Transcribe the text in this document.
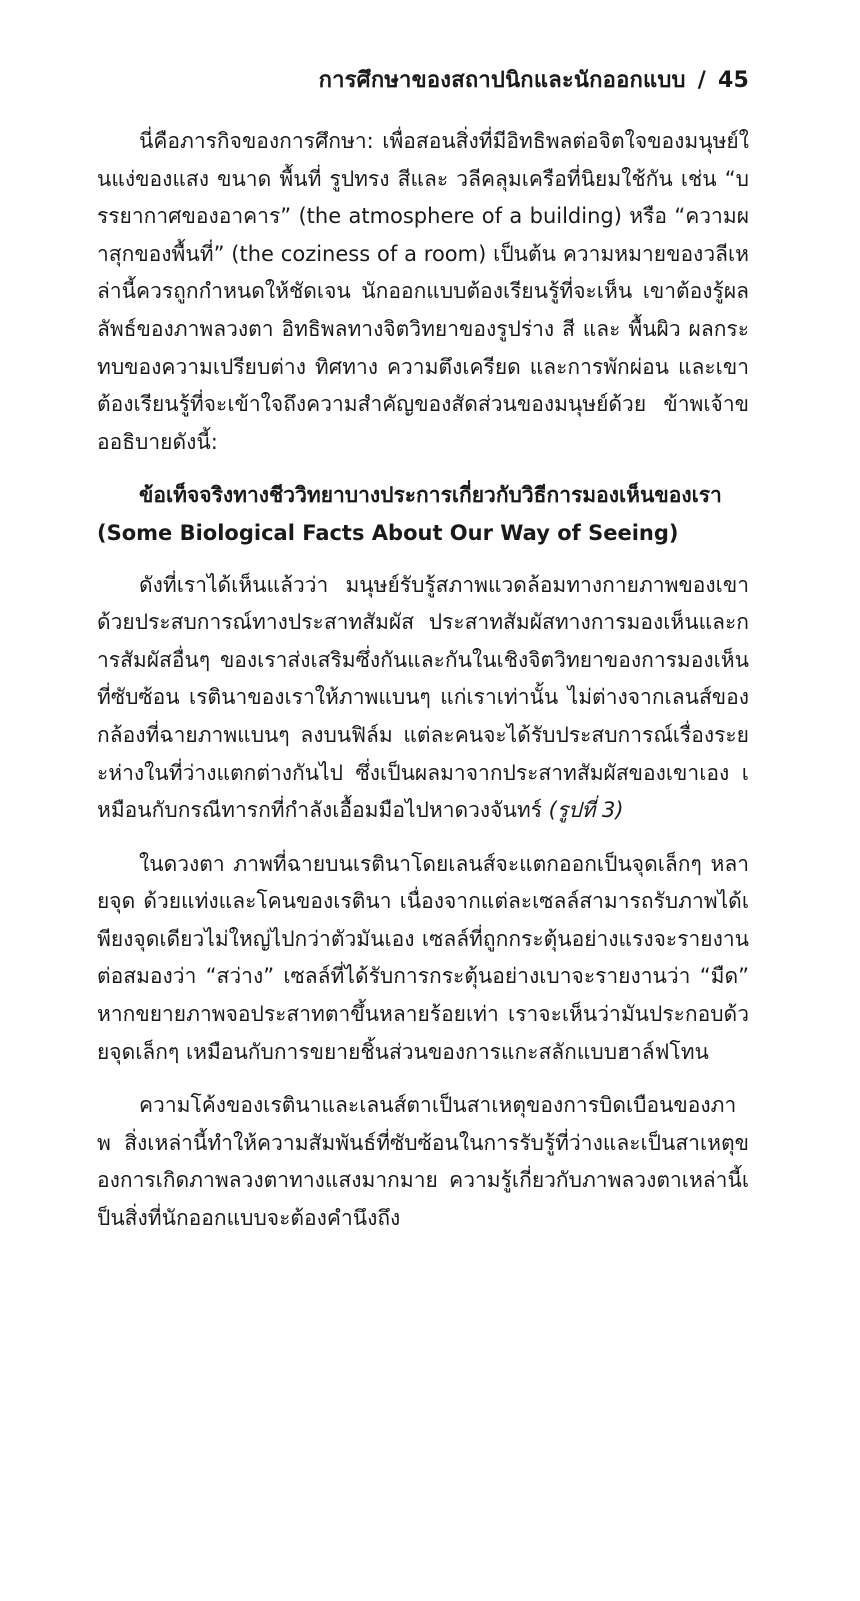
การศึกษาของสถาปนิกและนักออกแบบ / 45

นี่คือภารกิจของการศึกษา: เพื่อสอนสิ่งที่มีอิทธิพลต่อจิตใจของมนุษย์ในแง่ของแสง ขนาด พื้นที่ รูปทรง สีและ วลีคลุมเครือที่นิยมใช้กัน เช่น “บรรยากาศของอาคาร” (the atmosphere of a building) หรือ “ความผาสุกของพื้นที่” (the coziness of a room) เป็นต้น ความหมายของวลีเหล่านี้ควรถูกกำหนดให้ชัดเจน นักออกแบบต้องเรียนรู้ที่จะเห็น เขาต้องรู้ผลลัพธ์ของภาพลวงตา อิทธิพลทางจิตวิทยาของรูปร่าง สี และ พื้นผิว ผลกระทบของความเปรียบต่าง ทิศทาง ความตึงเครียด และการพักผ่อน และเขาต้องเรียนรู้ที่จะเข้าใจถึงความสำคัญของสัดส่วนของมนุษย์ด้วย ข้าพเจ้าขออธิบายดังนี้:

ข้อเท็จจริงทางชีววิทยาบางประการเกี่ยวกับวิธีการมองเห็นของเรา (Some Biological Facts About Our Way of Seeing)

ดังที่เราได้เห็นแล้วว่า มนุษย์รับรู้สภาพแวดล้อมทางกายภาพของเขาด้วยประสบการณ์ทางประสาทสัมผัส ประสาทสัมผัสทางการมองเห็นและการสัมผัสอื่นๆ ของเราส่งเสริมซึ่งกันและกันในเชิงจิตวิทยาของการมองเห็นที่ซับซ้อน เรตินาของเราให้ภาพแบนๆ แก่เราเท่านั้น ไม่ต่างจากเลนส์ของกล้องที่ฉายภาพแบนๆ ลงบนฟิล์ม แต่ละคนจะได้รับประสบการณ์เรื่องระยะห่างในที่ว่างแตกต่างกันไป ซึ่งเป็นผลมาจากประสาทสัมผัสของเขาเอง เหมือนกับกรณีทารกที่กำลังเอื้อมมือไปหาดวงจันทร์ (รูปที่ 3)

ในดวงตา ภาพที่ฉายบนเรตินาโดยเลนส์จะแตกออกเป็นจุดเล็กๆ หลายจุด ด้วยแท่งและโคนของเรตินา เนื่องจากแต่ละเซลล์สามารถรับภาพได้เพียงจุดเดียวไม่ใหญ่ไปกว่าตัวมันเอง เซลล์ที่ถูกกระตุ้นอย่างแรงจะรายงานต่อสมองว่า “สว่าง” เซลล์ที่ได้รับการกระตุ้นอย่างเบาจะรายงานว่า “มืด” หากขยายภาพจอประสาทตาขึ้นหลายร้อยเท่า เราจะเห็นว่ามันประกอบด้วยจุดเล็กๆ เหมือนกับการขยายชิ้นส่วนของการแกะสลักแบบฮาล์ฟโทน

ความโค้งของเรตินาและเลนส์ตาเป็นสาเหตุของการบิดเบือนของภาพ สิ่งเหล่านี้ทำให้ความสัมพันธ์ที่ซับซ้อนในการรับรู้ที่ว่างและเป็นสาเหตุของการเกิดภาพลวงตาทางแสงมากมาย ความรู้เกี่ยวกับภาพลวงตาเหล่านี้เป็นสิ่งที่นักออกแบบจะต้องคำนึงถึง
